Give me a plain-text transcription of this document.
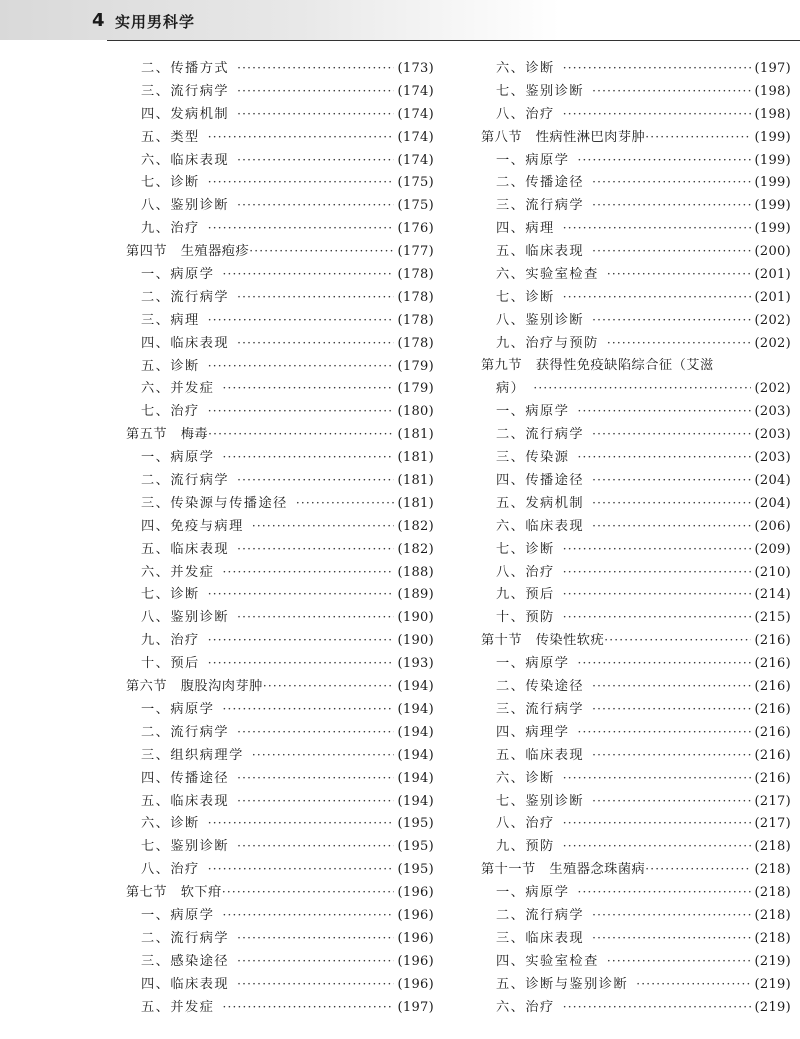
4 实用男科学
二、传播方式 ·····	(173)
三、流行病学 ·····	(174)
四、发病机制 ·····	(174)
五、类型 ·····	(174)
六、临床表现 ·····	(174)
七、诊断 ·····	(175)
八、鉴别诊断 ·····	(175)
九、治疗 ·····	(176)
第四节　生殖器疱疹 ·····	(177)
一、病原学 ·····	(178)
二、流行病学 ·····	(178)
三、病理 ·····	(178)
四、临床表现 ·····	(178)
五、诊断 ·····	(179)
六、并发症 ·····	(179)
七、治疗 ·····	(180)
第五节　梅毒 ·····	(181)
一、病原学 ·····	(181)
二、流行病学 ·····	(181)
三、传染源与传播途径 ·····	(181)
四、免疫与病理 ·····	(182)
五、临床表现 ·····	(182)
六、并发症 ·····	(188)
七、诊断 ·····	(189)
八、鉴别诊断 ·····	(190)
九、治疗 ·····	(190)
十、预后 ·····	(193)
第六节　腹股沟肉芽肿 ·····	(194)
一、病原学 ·····	(194)
二、流行病学 ·····	(194)
三、组织病理学 ·····	(194)
四、传播途径 ·····	(194)
五、临床表现 ·····	(194)
六、诊断 ·····	(195)
七、鉴别诊断 ·····	(195)
八、治疗 ·····	(195)
第七节　软下疳 ·····	(196)
一、病原学 ·····	(196)
二、流行病学 ·····	(196)
三、感染途径 ·····	(196)
四、临床表现 ·····	(196)
五、并发症 ·····	(197)
六、诊断 ·····	(197)
七、鉴别诊断 ·····	(198)
八、治疗 ·····	(198)
第八节　性病性淋巴肉芽肿 ·····	(199)
一、病原学 ·····	(199)
二、传播途径 ·····	(199)
三、流行病学 ·····	(199)
四、病理 ·····	(199)
五、临床表现 ·····	(200)
六、实验室检查 ·····	(201)
七、诊断 ·····	(201)
八、鉴别诊断 ·····	(202)
九、治疗与预防 ·····	(202)
第九节　获得性免疫缺陷综合征（艾滋
病） ·····	(202)
一、病原学 ·····	(203)
二、流行病学 ·····	(203)
三、传染源 ·····	(203)
四、传播途径 ·····	(204)
五、发病机制 ·····	(204)
六、临床表现 ·····	(206)
七、诊断 ·····	(209)
八、治疗 ·····	(210)
九、预后 ·····	(214)
十、预防 ·····	(215)
第十节　传染性软疣 ·····	(216)
一、病原学 ·····	(216)
二、传染途径 ·····	(216)
三、流行病学 ·····	(216)
四、病理学 ·····	(216)
五、临床表现 ·····	(216)
六、诊断 ·····	(216)
七、鉴别诊断 ·····	(217)
八、治疗 ·····	(217)
九、预防 ·····	(218)
第十一节　生殖器念珠菌病 ·····	(218)
一、病原学 ·····	(218)
二、流行病学 ·····	(218)
三、临床表现 ·····	(218)
四、实验室检查 ·····	(219)
五、诊断与鉴别诊断 ·····	(219)
六、治疗 ·····	(219)
